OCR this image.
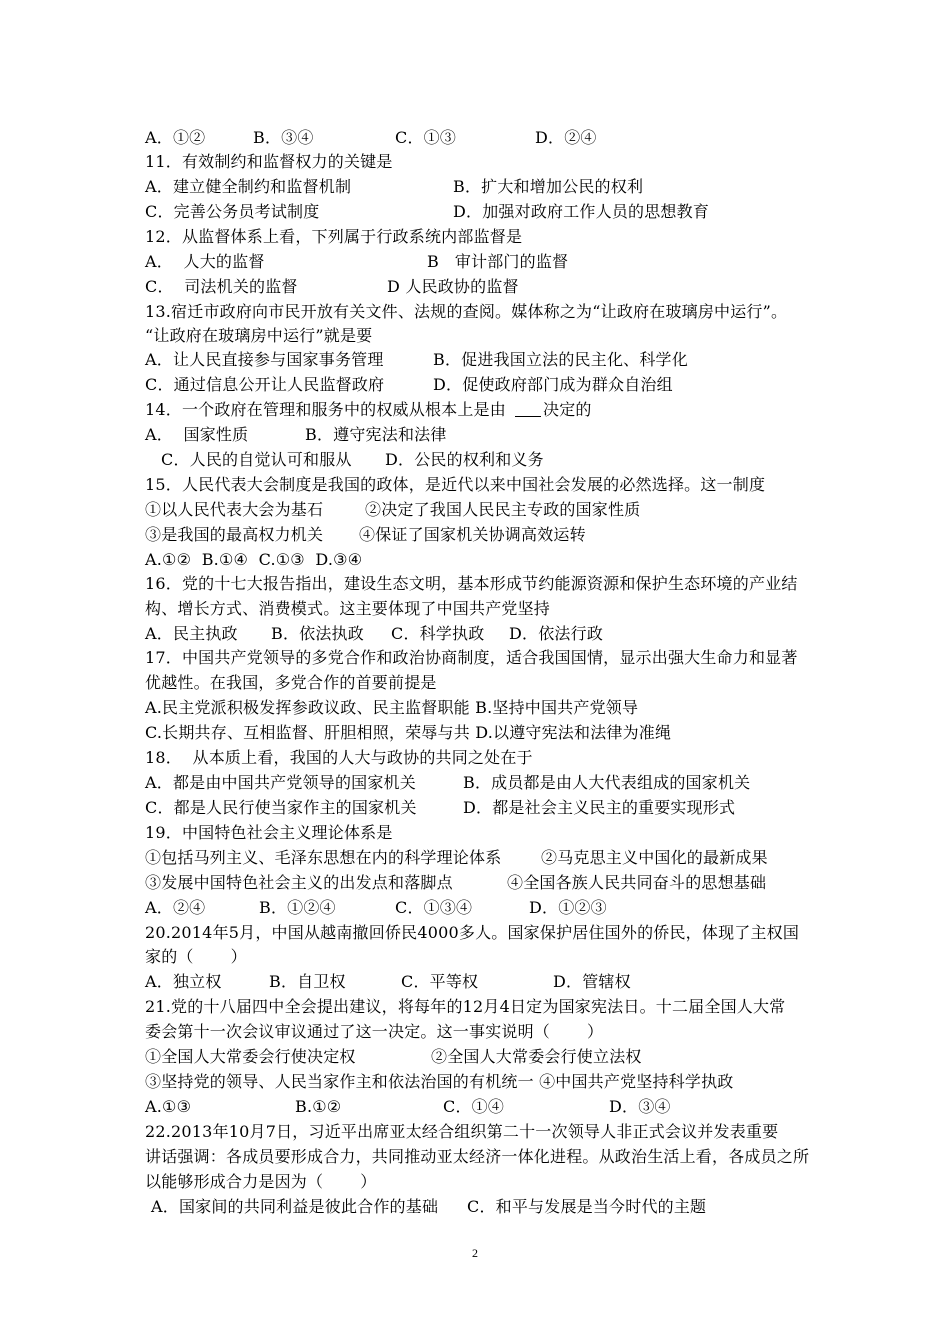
A．①②	B．③④	C．①③	D．②④
11．有效制约和监督权力的关键是
A．建立健全制约和监督机制	B．扩大和增加公民的权利
C．完善公务员考试制度	D．加强对政府工作人员的思想教育
12．从监督体系上看，下列属于行政系统内部监督是
A．  人大的监督	B   审计部门的监督
C．  司法机关的监督	D 人民政协的监督
13.宿迁市政府向市民开放有关文件、法规的查阅。媒体称之为“让政府在玻璃房中运行”。
“让政府在玻璃房中运行”就是要
A．让人民直接参与国家事务管理	B．促进我国立法的民主化、科学化
C．通过信息公开让人民监督政府	D．促使政府部门成为群众自治组
14．一个政府在管理和服务中的权威从根本上是由 决定的
A．  国家性质	B．遵守宪法和法律
C．人民的自觉认可和服从 D．公民的权利和义务
15．人民代表大会制度是我国的政体，是近代以来中国社会发展的必然选择。这一制度
①以人民代表大会为基石	②决定了我国人民民主专政的国家性质
③是我国的最高权力机关 ④保证了国家机关协调高效运转
A.①②  B.①④  C.①③  D.③④
16．党的十七大报告指出，建设生态文明，基本形成节约能源资源和保护生态环境的产业结
构、增长方式、消费模式。这主要体现了中国共产党坚持
A．民主执政 B．依法执政 C．科学执政 D．依法行政
17．中国共产党领导的多党合作和政治协商制度，适合我国国情，显示出强大生命力和显著
优越性。在我国，多党合作的首要前提是
A.民主党派积极发挥参政议政、民主监督职能 B.坚持中国共产党领导
C.长期共存、互相监督、肝胆相照，荣辱与共 D.以遵守宪法和法律为准绳
18．  从本质上看，我国的人大与政协的共同之处在于
A．都是由中国共产党领导的国家机关	B．成员都是由人大代表组成的国家机关
C．都是人民行使当家作主的国家机关	D．都是社会主义民主的重要实现形式
19．中国特色社会主义理论体系是
①包括马列主义、毛泽东思想在内的科学理论体系 ②马克思主义中国化的最新成果
③发展中国特色社会主义的出发点和落脚点	④全国各族人民共同奋斗的思想基础
A．②④	B．①②④	C．①③④	D．①②③
20.2014年5月，中国从越南撤回侨民4000多人。国家保护居住国外的侨民，体现了主权国
家的（       ）
A．独立权	B．自卫权	C．平等权	D．管辖权
21.党的十八届四中全会提出建议，将每年的12月4日定为国家宪法日。十二届全国人大常
委会第十一次会议审议通过了这一决定。这一事实说明（       ）
①全国人大常委会行使决定权	②全国人大常委会行使立法权
③坚持党的领导、人民当家作主和依法治国的有机统一 ④中国共产党坚持科学执政
A.①③	B.①②	C．①④	D．③④
22.2013年10月7日，习近平出席亚太经合组织第二十一次领导人非正式会议并发表重要
讲话强调：各成员要形成合力，共同推动亚太经济一体化进程。从政治生活上看，各成员之所
以能够形成合力是因为（       ）
A．国家间的共同利益是彼此合作的基础 C．和平与发展是当今时代的主题
2
